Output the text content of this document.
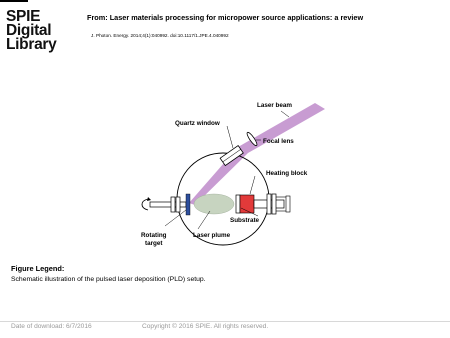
SPIE
Digital
Library
From: Laser materials processing for micropower source applications: a review
J. Photon. Energy. 2014;4(1):040992. doi:10.1117/1.JPE.4.040992
Laser beam
Quartz window
Focal lens
Heating block
Substrate
Laser plume
Rotating
target
Figure Legend:
Schematic illustration of the pulsed laser deposition (PLD) setup.
Date of download: 6/7/2016	Copyright © 2016 SPIE. All rights reserved.
